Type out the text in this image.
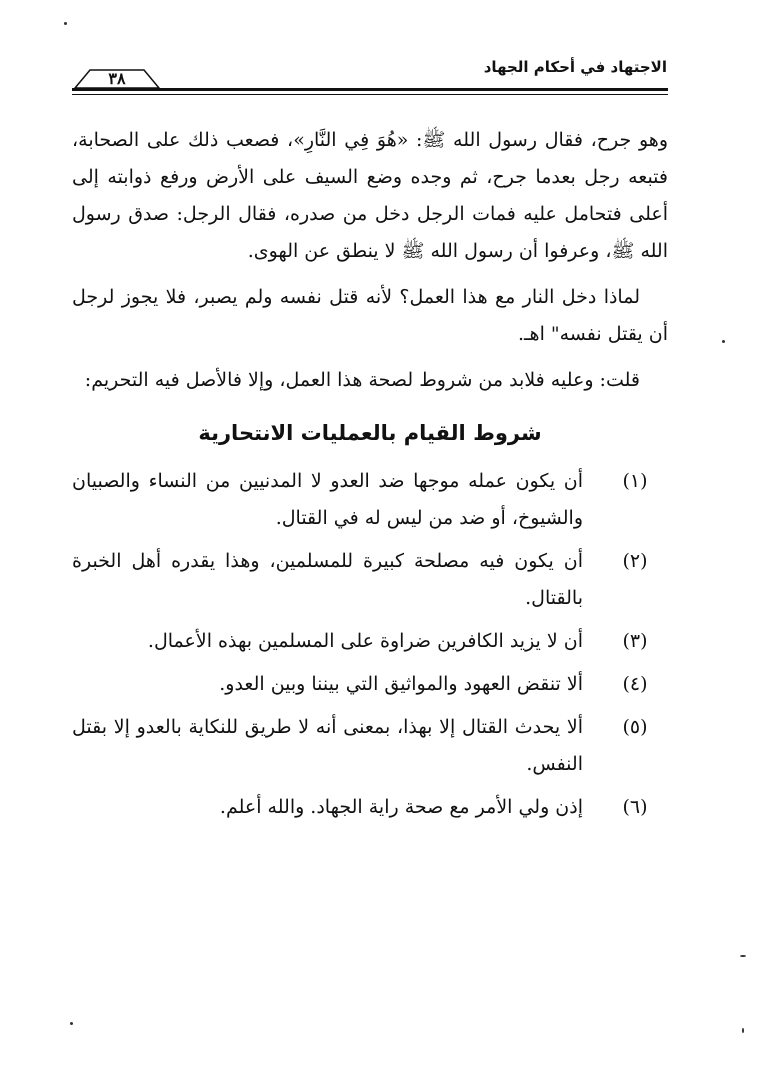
الاجتهاد في أحكام الجهاد
٣٨

وهو جرح، فقال رسول الله ﷺ: «هُوَ فِي النَّارِ»، فصعب ذلك على الصحابة، فتبعه رجل بعدما جرح، ثم وجده وضع السيف على الأرض ورفع ذوابته إلى أعلى فتحامل عليه فمات الرجل دخل من صدره، فقال الرجل: صدق رسول الله ﷺ، وعرفوا أن رسول الله ﷺ لا ينطق عن الهوى.

لماذا دخل النار مع هذا العمل؟ لأنه قتل نفسه ولم يصبر، فلا يجوز لرجل أن يقتل نفسه" اهـ.

قلت: وعليه فلابد من شروط لصحة هذا العمل، وإلا فالأصل فيه التحريم:

شروط القيام بالعمليات الانتحارية
(١)
أن يكون عمله موجها ضد العدو لا المدنيين من النساء والصبيان والشيوخ، أو ضد من ليس له في القتال.
(٢)
أن يكون فيه مصلحة كبيرة للمسلمين، وهذا يقدره أهل الخبرة بالقتال.
(٣)
أن لا يزيد الكافرين ضراوة على المسلمين بهذه الأعمال.
(٤)
ألا تنقض العهود والمواثيق التي بيننا وبين العدو.
(٥)
ألا يحدث القتال إلا بهذا، بمعنى أنه لا طريق للنكاية بالعدو إلا بقتل النفس.
(٦)
إذن ولي الأمر مع صحة راية الجهاد. والله أعلم.
